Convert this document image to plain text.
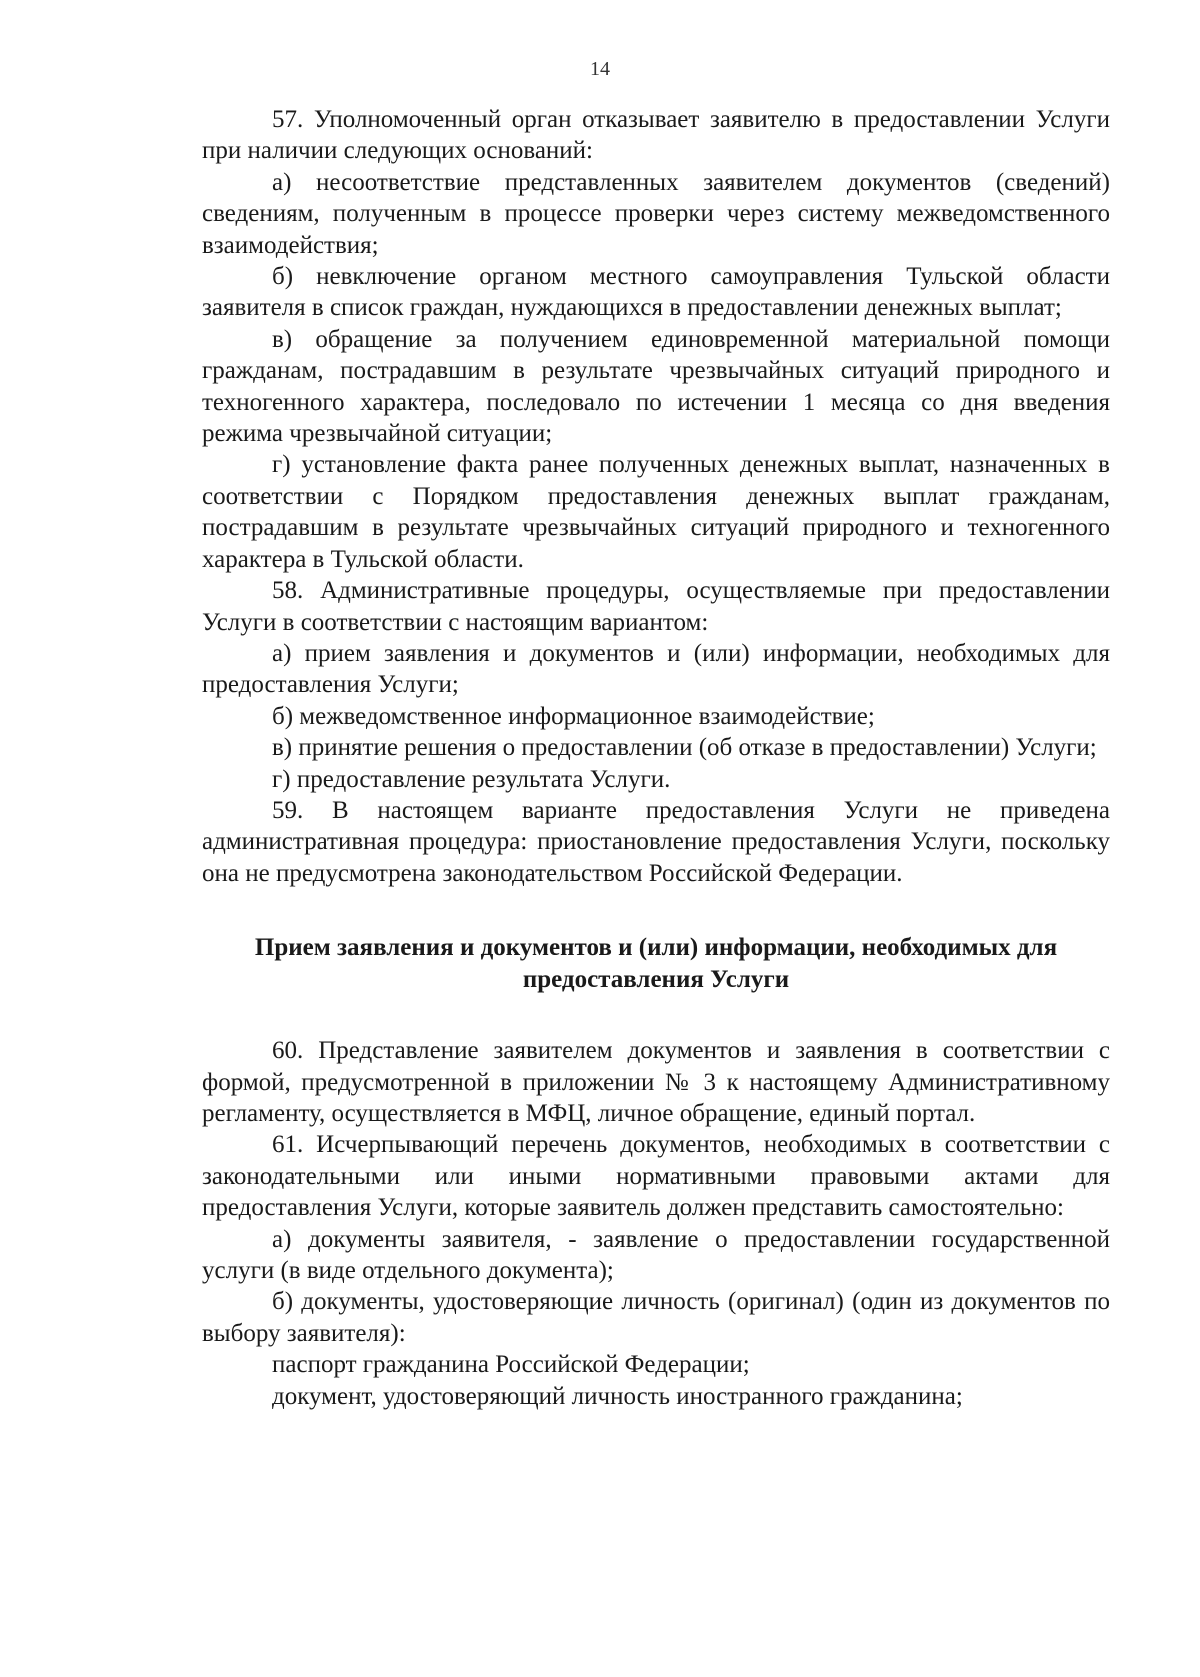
14

57. Уполномоченный орган отказывает заявителю в предоставлении Услуги при наличии следующих оснований:

а) несоответствие представленных заявителем документов (сведений) сведениям, полученным в процессе проверки через систему межведомственного взаимодействия;

б) невключение органом местного самоуправления Тульской области заявителя в список граждан, нуждающихся в предоставлении денежных выплат;

в) обращение за получением единовременной материальной помощи гражданам, пострадавшим в результате чрезвычайных ситуаций природного и техногенного характера, последовало по истечении 1 месяца со дня введения режима чрезвычайной ситуации;

г) установление факта ранее полученных денежных выплат, назначенных в соответствии с Порядком предоставления денежных выплат гражданам, пострадавшим в результате чрезвычайных ситуаций природного и техногенного характера в Тульской области.

58. Административные процедуры, осуществляемые при предоставлении Услуги в соответствии с настоящим вариантом:

а) прием заявления и документов и (или) информации, необходимых для предоставления Услуги;

б) межведомственное информационное взаимодействие;

в) принятие решения о предоставлении (об отказе в предоставлении) Услуги;

г) предоставление результата Услуги.

59. В настоящем варианте предоставления Услуги не приведена административная процедура: приостановление предоставления Услуги, поскольку она не предусмотрена законодательством Российской Федерации.

Прием заявления и документов и (или) информации, необходимых для предоставления Услуги

60. Представление заявителем документов и заявления в соответствии с формой, предусмотренной в приложении № 3 к настоящему Административному регламенту, осуществляется в МФЦ, личное обращение, единый портал.

61. Исчерпывающий перечень документов, необходимых в соответствии с законодательными или иными нормативными правовыми актами для предоставления Услуги, которые заявитель должен представить самостоятельно:

а) документы заявителя, - заявление о предоставлении государственной услуги (в виде отдельного документа);

б) документы, удостоверяющие личность (оригинал) (один из документов по выбору заявителя):

паспорт гражданина Российской Федерации;

документ, удостоверяющий личность иностранного гражданина;
